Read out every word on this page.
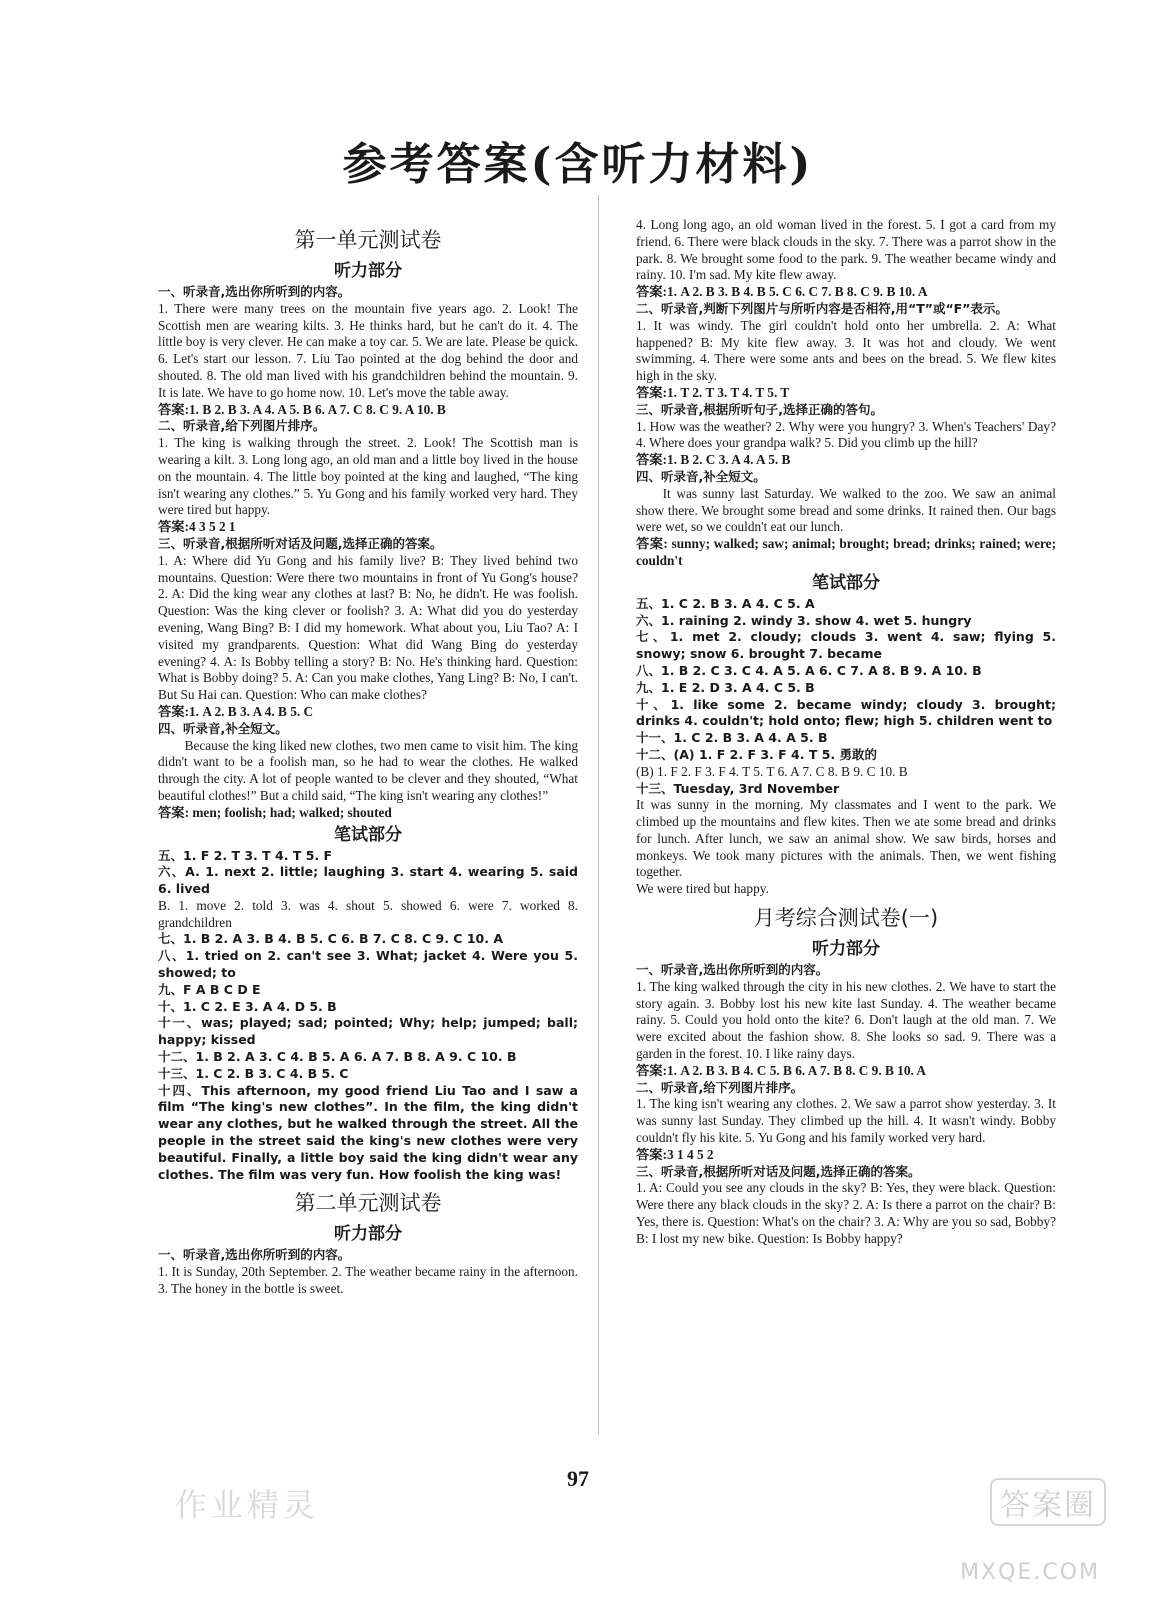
参考答案(含听力材料)
第一单元测试卷
听力部分

一、听录音,选出你所听到的内容。

1. There were many trees on the mountain five years ago. 2. Look! The Scottish men are wearing kilts. 3. He thinks hard, but he can't do it. 4. The little boy is very clever. He can make a toy car. 5. We are late. Please be quick. 6. Let's start our lesson. 7. Liu Tao pointed at the dog behind the door and shouted. 8. The old man lived with his grandchildren behind the mountain. 9. It is late. We have to go home now. 10. Let's move the table away.

答案:1. B 2. B 3. A 4. A 5. B 6. A 7. C 8. C 9. A 10. B

二、听录音,给下列图片排序。

1. The king is walking through the street. 2. Look! The Scottish man is wearing a kilt. 3. Long long ago, an old man and a little boy lived in the house on the mountain. 4. The little boy pointed at the king and laughed, “The king isn't wearing any clothes.” 5. Yu Gong and his family worked very hard. They were tired but happy.

答案:4 3 5 2 1

三、听录音,根据所听对话及问题,选择正确的答案。

1. A: Where did Yu Gong and his family live? B: They lived behind two mountains. Question: Were there two mountains in front of Yu Gong's house? 2. A: Did the king wear any clothes at last? B: No, he didn't. He was foolish. Question: Was the king clever or foolish? 3. A: What did you do yesterday evening, Wang Bing? B: I did my homework. What about you, Liu Tao? A: I visited my grandparents. Question: What did Wang Bing do yesterday evening? 4. A: Is Bobby telling a story? B: No. He's thinking hard. Question: What is Bobby doing? 5. A: Can you make clothes, Yang Ling? B: No, I can't. But Su Hai can. Question: Who can make clothes?

答案:1. A 2. B 3. A 4. B 5. C

四、听录音,补全短文。

Because the king liked new clothes, two men came to visit him. The king didn't want to be a foolish man, so he had to wear the clothes. He walked through the city. A lot of people wanted to be clever and they shouted, “What beautiful clothes!” But a child said, “The king isn't wearing any clothes!”

答案: men; foolish; had; walked; shouted

笔试部分

五、1. F 2. T 3. T 4. T 5. F

六、A. 1. next 2. little; laughing 3. start 4. wearing 5. said 6. lived

B. 1. move 2. told 3. was 4. shout 5. showed 6. were 7. worked 8. grandchildren

七、1. B 2. A 3. B 4. B 5. C 6. B 7. C 8. C 9. C 10. A

八、1. tried on 2. can't see 3. What; jacket 4. Were you 5. showed; to

九、F A B C D E

十、1. C 2. E 3. A 4. D 5. B

十一、was; played; sad; pointed; Why; help; jumped; ball; happy; kissed

十二、1. B 2. A 3. C 4. B 5. A 6. A 7. B 8. A 9. C 10. B

十三、1. C 2. B 3. C 4. B 5. C

十四、This afternoon, my good friend Liu Tao and I saw a film “The king's new clothes”. In the film, the king didn't wear any clothes, but he walked through the street. All the people in the street said the king's new clothes were very beautiful. Finally, a little boy said the king didn't wear any clothes. The film was very fun. How foolish the king was!

第二单元测试卷
听力部分

一、听录音,选出你所听到的内容。

1. It is Sunday, 20th September. 2. The weather became rainy in the afternoon. 3. The honey in the bottle is sweet.

4. Long long ago, an old woman lived in the forest. 5. I got a card from my friend. 6. There were black clouds in the sky. 7. There was a parrot show in the park. 8. We brought some food to the park. 9. The weather became windy and rainy. 10. I'm sad. My kite flew away.

答案:1. A 2. B 3. B 4. B 5. C 6. C 7. B 8. C 9. B 10. A

二、听录音,判断下列图片与所听内容是否相符,用“T”或“F”表示。

1. It was windy. The girl couldn't hold onto her umbrella. 2. A: What happened? B: My kite flew away. 3. It was hot and cloudy. We went swimming. 4. There were some ants and bees on the bread. 5. We flew kites high in the sky.

答案:1. T 2. T 3. T 4. T 5. T

三、听录音,根据所听句子,选择正确的答句。

1. How was the weather? 2. Why were you hungry? 3. When's Teachers' Day? 4. Where does your grandpa walk? 5. Did you climb up the hill?

答案:1. B 2. C 3. A 4. A 5. B

四、听录音,补全短文。

It was sunny last Saturday. We walked to the zoo. We saw an animal show there. We brought some bread and some drinks. It rained then. Our bags were wet, so we couldn't eat our lunch.

答案: sunny; walked; saw; animal; brought; bread; drinks; rained; were; couldn't

笔试部分

五、1. C 2. B 3. A 4. C 5. A

六、1. raining 2. windy 3. show 4. wet 5. hungry

七、1. met 2. cloudy; clouds 3. went 4. saw; flying 5. snowy; snow 6. brought 7. became

八、1. B 2. C 3. C 4. A 5. A 6. C 7. A 8. B 9. A 10. B

九、1. E 2. D 3. A 4. C 5. B

十、1. like some 2. became windy; cloudy 3. brought; drinks 4. couldn't; hold onto; flew; high 5. children went to

十一、1. C 2. B 3. A 4. A 5. B

十二、(A) 1. F 2. F 3. F 4. T 5. 勇敢的

(B) 1. F 2. F 3. F 4. T 5. T 6. A 7. C 8. B 9. C 10. B

十三、Tuesday, 3rd November

It was sunny in the morning. My classmates and I went to the park. We climbed up the mountains and flew kites. Then we ate some bread and drinks for lunch. After lunch, we saw an animal show. We saw birds, horses and monkeys. We took many pictures with the animals. Then, we went fishing together.

We were tired but happy.

月考综合测试卷(一)
听力部分

一、听录音,选出你所听到的内容。

1. The king walked through the city in his new clothes. 2. We have to start the story again. 3. Bobby lost his new kite last Sunday. 4. The weather became rainy. 5. Could you hold onto the kite? 6. Don't laugh at the old man. 7. We were excited about the fashion show. 8. She looks so sad. 9. There was a garden in the forest. 10. I like rainy days.

答案:1. A 2. B 3. B 4. C 5. B 6. A 7. B 8. C 9. B 10. A

二、听录音,给下列图片排序。

1. The king isn't wearing any clothes. 2. We saw a parrot show yesterday. 3. It was sunny last Sunday. They climbed up the hill. 4. It wasn't windy. Bobby couldn't fly his kite. 5. Yu Gong and his family worked very hard.

答案:3 1 4 5 2

三、听录音,根据所听对话及问题,选择正确的答案。

1. A: Could you see any clouds in the sky? B: Yes, they were black. Question: Were there any black clouds in the sky? 2. A: Is there a parrot on the chair? B: Yes, there is. Question: What's on the chair? 3. A: Why are you so sad, Bobby? B: I lost my new bike. Question: Is Bobby happy?

97
作业精灵	答案圈
MXQE.COM
